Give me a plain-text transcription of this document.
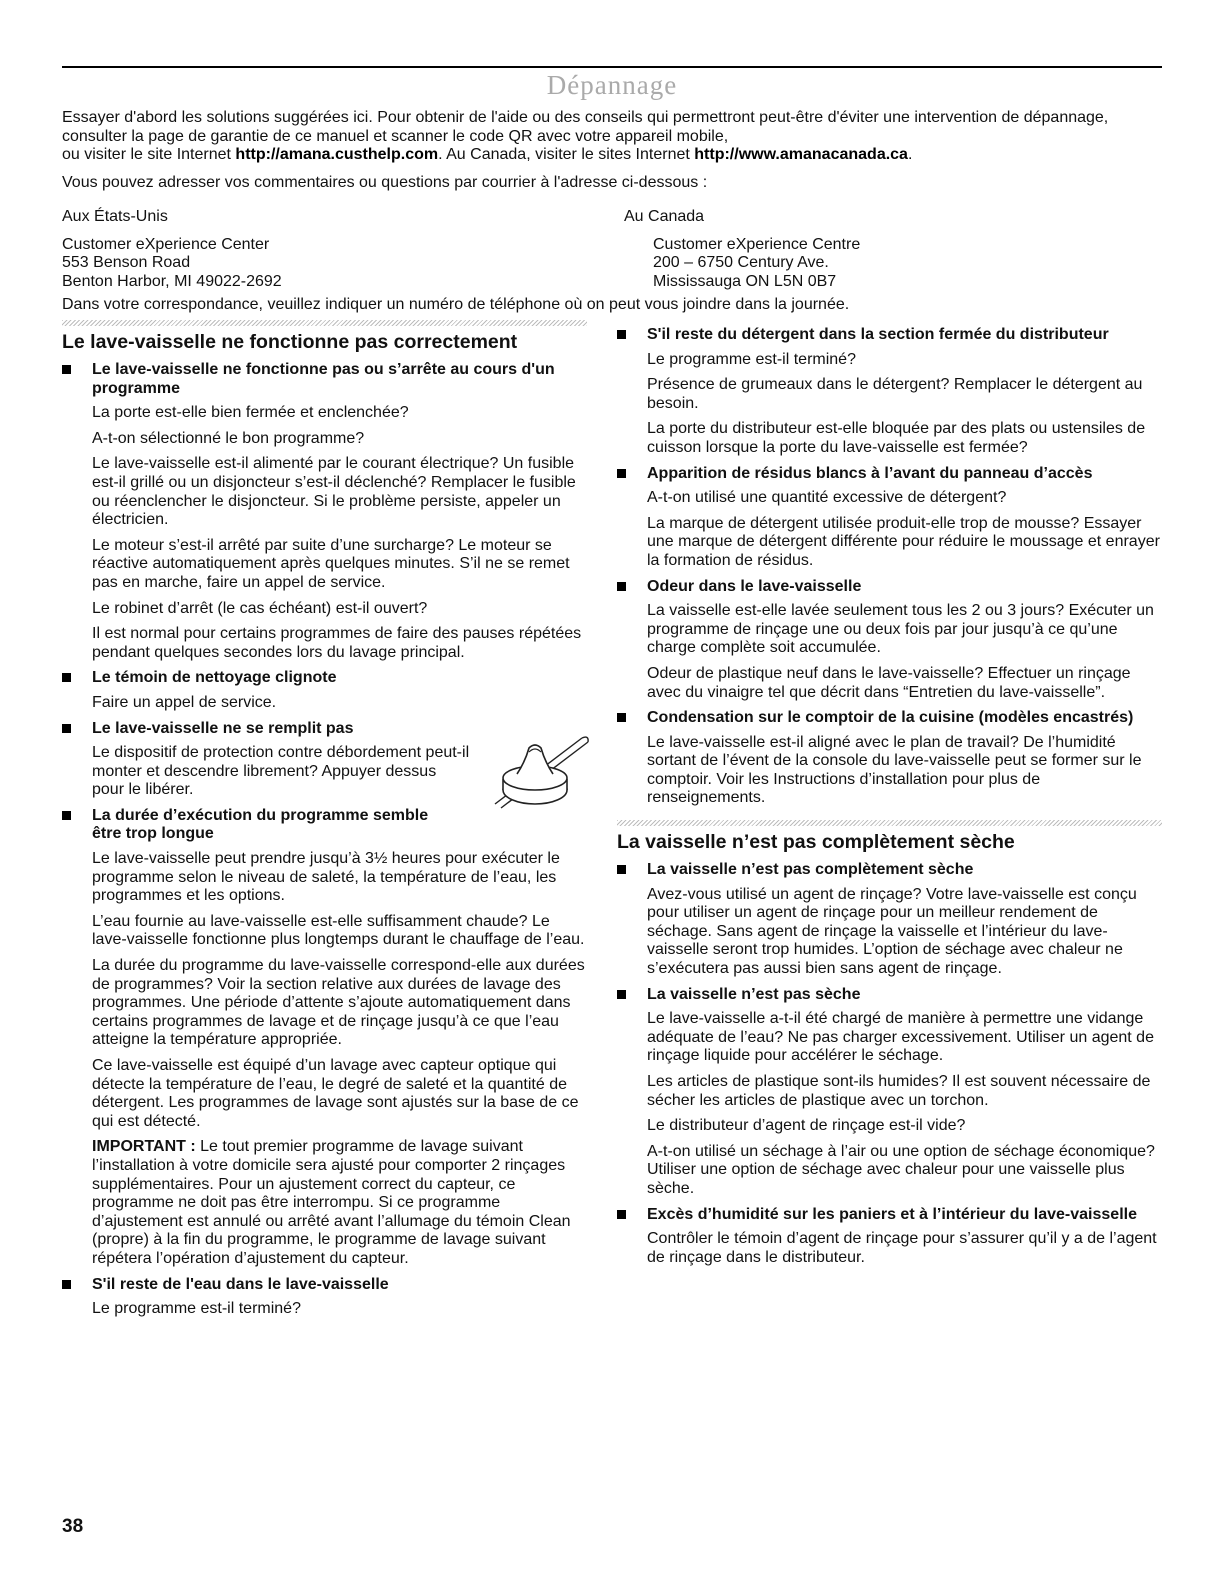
Dépannage

Essayer d'abord les solutions suggérées ici. Pour obtenir de l'aide ou des conseils qui permettront peut-être d'éviter une intervention de dépannage, consulter la page de garantie de ce manuel et scanner le code QR avec votre appareil mobile,
ou visiter le site Internet http://amana.custhelp.com. Au Canada, visiter le sites Internet http://www.amanacanada.ca.

Vous pouvez adresser vos commentaires ou questions par courrier à l'adresse ci-dessous :

Aux États-Unis
Customer eXperience Center
553 Benson Road
Benton Harbor, MI 49022-2692
Au Canada
Customer eXperience Centre
200 – 6750 Century Ave.
Mississauga ON L5N 0B7
Dans votre correspondance, veuillez indiquer un numéro de téléphone où on peut vous joindre dans la journée.
Le lave-vaisselle ne fonctionne pas correctement
Le lave-vaisselle ne fonctionne pas ou s’arrête au cours d'un programme

La porte est-elle bien fermée et enclenchée?

A-t-on sélectionné le bon programme?

Le lave-vaisselle est-il alimenté par le courant électrique? Un fusible est-il grillé ou un disjoncteur s’est-il déclenché? Remplacer le fusible ou réenclencher le disjoncteur. Si le problème persiste, appeler un électricien.

Le moteur s’est-il arrêté par suite d’une surcharge? Le moteur se réactive automatiquement après quelques minutes. S’il ne se remet pas en marche, faire un appel de service.

Le robinet d’arrêt (le cas échéant) est-il ouvert?

Il est normal pour certains programmes de faire des pauses répétées pendant quelques secondes lors du lavage principal.

Le témoin de nettoyage clignote

Faire un appel de service.

Le lave-vaisselle ne se remplit pas

Le dispositif de protection contre débordement peut-il monter et descendre librement? Appuyer dessus pour le libérer.

La durée d’exécution du programme semble être trop longue

Le lave-vaisselle peut prendre jusqu’à 3½ heures pour exécuter le programme selon le niveau de saleté, la température de l’eau, les programmes et les options.

L’eau fournie au lave-vaisselle est-elle suffisamment chaude? Le lave-vaisselle fonctionne plus longtemps durant le chauffage de l’eau.

La durée du programme du lave-vaisselle correspond-elle aux durées de programmes? Voir la section relative aux durées de lavage des programmes. Une période d’attente s’ajoute automatiquement dans certains programmes de lavage et de rinçage jusqu’à ce que l’eau atteigne la température appropriée.

Ce lave-vaisselle est équipé d’un lavage avec capteur optique qui détecte la température de l’eau, le degré de saleté et la quantité de détergent. Les programmes de lavage sont ajustés sur la base de ce qui est détecté.

IMPORTANT : Le tout premier programme de lavage suivant l’installation à votre domicile sera ajusté pour comporter 2 rinçages supplémentaires. Pour un ajustement correct du capteur, ce programme ne doit pas être interrompu. Si ce programme d’ajustement est annulé ou arrêté avant l’allumage du témoin Clean (propre) à la fin du programme, le programme de lavage suivant répétera l’opération d’ajustement du capteur.

S'il reste de l'eau dans le lave-vaisselle

Le programme est-il terminé?

S'il reste du détergent dans la section fermée du distributeur

Le programme est-il terminé?

Présence de grumeaux dans le détergent? Remplacer le détergent au besoin.

La porte du distributeur est-elle bloquée par des plats ou ustensiles de cuisson lorsque la porte du lave-vaisselle est fermée?

Apparition de résidus blancs à l’avant du panneau d’accès

A-t-on utilisé une quantité excessive de détergent?

La marque de détergent utilisée produit-elle trop de mousse? Essayer une marque de détergent différente pour réduire le moussage et enrayer la formation de résidus.

Odeur dans le lave-vaisselle

La vaisselle est-elle lavée seulement tous les 2 ou 3 jours? Exécuter un programme de rinçage une ou deux fois par jour jusqu’à ce qu’une charge complète soit accumulée.

Odeur de plastique neuf dans le lave-vaisselle? Effectuer un rinçage avec du vinaigre tel que décrit dans “Entretien du lave-vaisselle”.

Condensation sur le comptoir de la cuisine (modèles encastrés)

Le lave-vaisselle est-il aligné avec le plan de travail? De l’humidité sortant de l’évent de la console du lave-vaisselle peut se former sur le comptoir. Voir les Instructions d’installation pour plus de renseignements.

La vaisselle n’est pas complètement sèche
La vaisselle n’est pas complètement sèche

Avez-vous utilisé un agent de rinçage? Votre lave-vaisselle est conçu pour utiliser un agent de rinçage pour un meilleur rendement de séchage. Sans agent de rinçage la vaisselle et l’intérieur du lave-vaisselle seront trop humides. L’option de séchage avec chaleur ne s’exécutera pas aussi bien sans agent de rinçage.

La vaisselle n’est pas sèche

Le lave-vaisselle a-t-il été chargé de manière à permettre une vidange adéquate de l’eau? Ne pas charger excessivement. Utiliser un agent de rinçage liquide pour accélérer le séchage.

Les articles de plastique sont-ils humides? Il est souvent nécessaire de sécher les articles de plastique avec un torchon.

Le distributeur d’agent de rinçage est-il vide?

A-t-on utilisé un séchage à l’air ou une option de séchage économique? Utiliser une option de séchage avec chaleur pour une vaisselle plus sèche.

Excès d’humidité sur les paniers et à l’intérieur du lave-vaisselle

Contrôler le témoin d’agent de rinçage pour s’assurer qu’il y a de l’agent de rinçage dans le distributeur.

38
